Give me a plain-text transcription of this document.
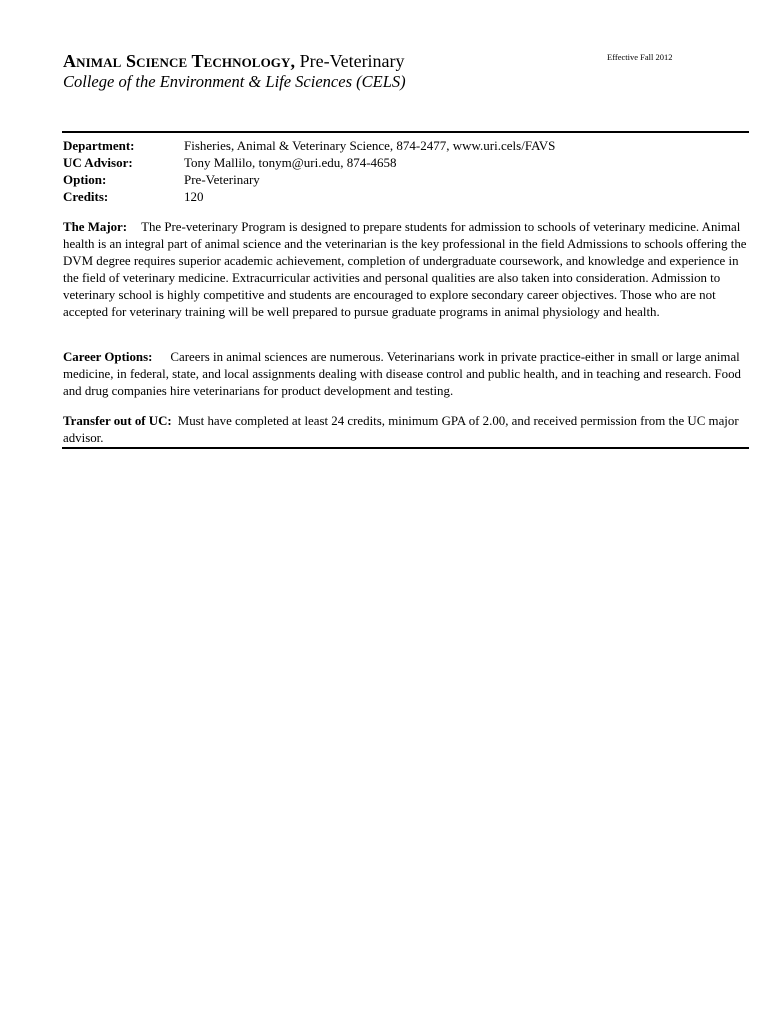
Animal Science Technology, Pre-Veterinary	Effective Fall 2012
College of the Environment & Life Sciences (CELS)
Department:	Fisheries, Animal & Veterinary Science, 874-2477, www.uri.cels/FAVS
UC Advisor:	Tony Mallilo, tonym@uri.edu, 874-4658
Option:	Pre-Veterinary
Credits:	120

The Major: The Pre-veterinary Program is designed to prepare students for admission to schools of veterinary medicine. Animal health is an integral part of animal science and the veterinarian is the key professional in the field Admissions to schools offering the DVM degree requires superior academic achievement, completion of undergraduate coursework, and knowledge and experience in the field of veterinary medicine. Extracurricular activities and personal qualities are also taken into consideration. Admission to veterinary school is highly competitive and students are encouraged to explore secondary career objectives. Those who are not accepted for veterinary training will be well prepared to pursue graduate programs in animal physiology and health.

Career Options: Careers in animal sciences are numerous. Veterinarians work in private practice-either in small or large animal medicine, in federal, state, and local assignments dealing with disease control and public health, and in teaching and research. Food and drug companies hire veterinarians for product development and testing.

Transfer out of UC: Must have completed at least 24 credits, minimum GPA of 2.00, and received permission from the UC major advisor.
